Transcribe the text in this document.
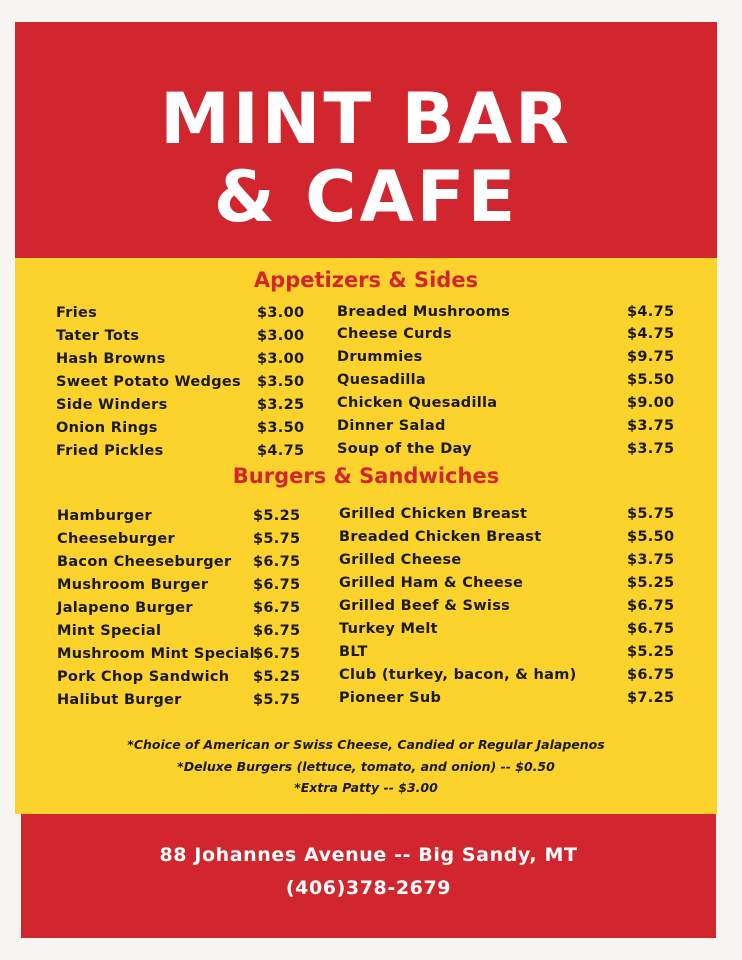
MINT BAR
& CAFE
Appetizers & Sides
Fries	$3.00
Tater Tots	$3.00
Hash Browns	$3.00
Sweet Potato Wedges $3.50
Side Winders	$3.25
Onion Rings	$3.50
Fried Pickles	$4.75
Breaded Mushrooms	$4.75
Cheese Curds	$4.75
Drummies	$9.75
Quesadilla	$5.50
Chicken Quesadilla	$9.00
Dinner Salad	$3.75
Soup of the Day	$3.75
Burgers & Sandwiches
Hamburger	$5.25
Cheeseburger	$5.75
Bacon Cheeseburger $6.75
Mushroom Burger	$6.75
Jalapeno Burger	$6.75
Mint Special	$6.75
Mushroom Mint Special
$6.75
Pork Chop Sandwich $5.25
Halibut Burger	$5.75
Grilled Chicken Breast	$5.75
Breaded Chicken Breast	$5.50
Grilled Cheese	$3.75
Grilled Ham & Cheese	$5.25
Grilled Beef & Swiss	$6.75
Turkey Melt	$6.75
BLT	$5.25
Club (turkey, bacon, & ham)	$6.75
Pioneer Sub	$7.25
*Choice of American or Swiss Cheese, Candied or Regular Jalapenos
*Deluxe Burgers (lettuce, tomato, and onion) -- $0.50
*Extra Patty -- $3.00
88 Johannes Avenue -- Big Sandy, MT
(406)378-2679
